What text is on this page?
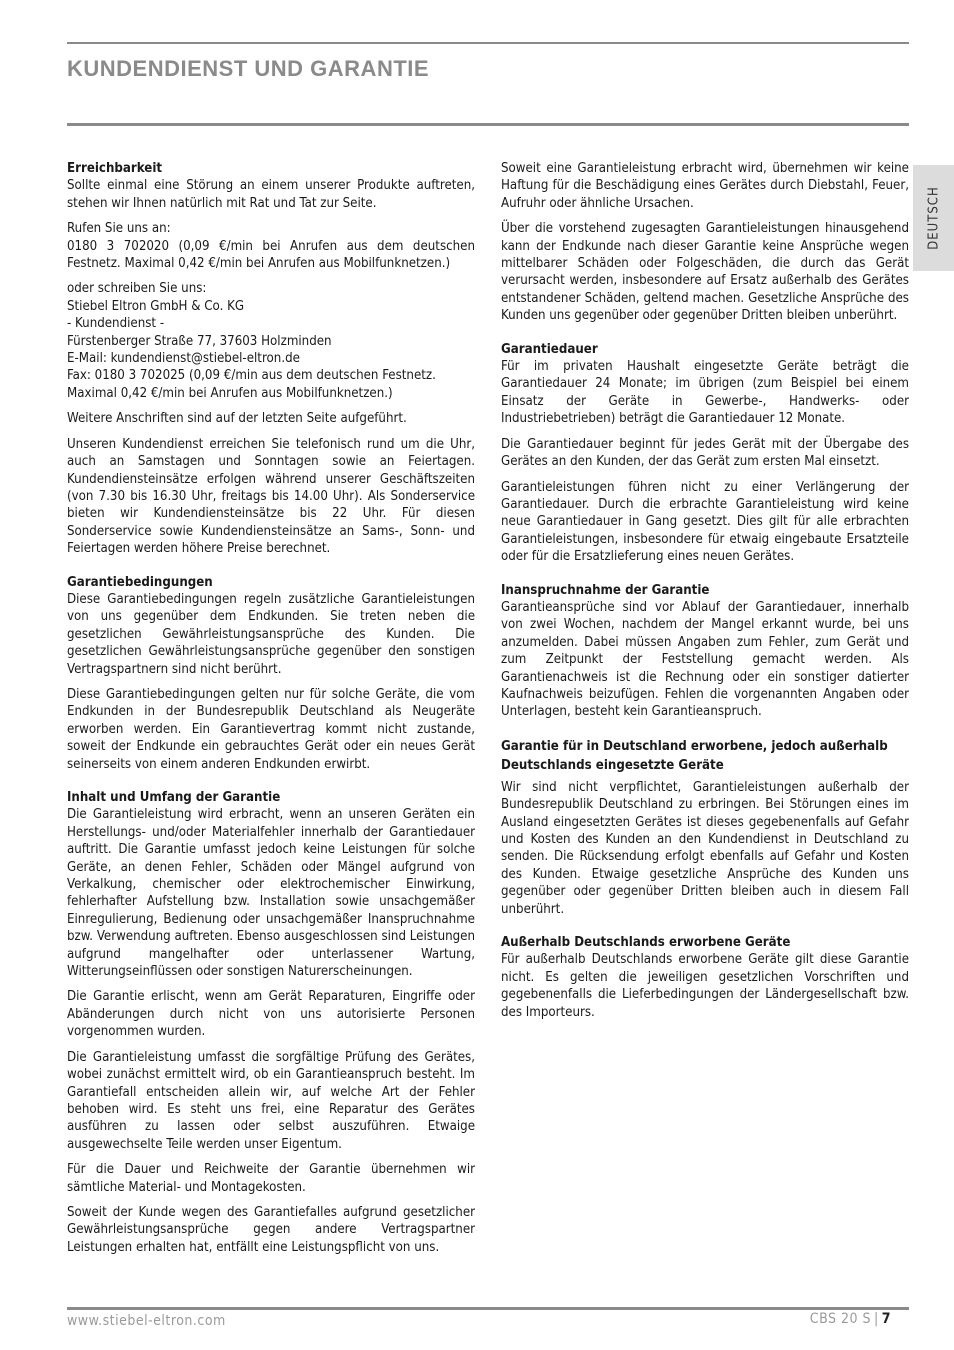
KUNDENDIENST UND GARANTIE
DEUTSCH
Erreichbarkeit

Sollte einmal eine Störung an einem unserer Produkte auftreten, stehen wir Ihnen natürlich mit Rat und Tat zur Seite.

Rufen Sie uns an:

0180 3 702020 (0,09 €/min bei Anrufen aus dem deutschen Festnetz. Maximal 0,42 €/min bei Anrufen aus Mobilfunknetzen.)

oder schreiben Sie uns:
Stiebel Eltron GmbH & Co. KG
- Kundendienst -
Fürstenberger Straße 77, 37603 Holzminden
E-Mail: kundendienst@stiebel-eltron.de
Fax: 0180 3 702025 (0,09 €/min aus dem deutschen Festnetz. Maximal 0,42 €/min bei Anrufen aus Mobilfunknetzen.)

Weitere Anschriften sind auf der letzten Seite aufgeführt.

Unseren Kundendienst erreichen Sie telefonisch rund um die Uhr, auch an Samstagen und Sonntagen sowie an Feiertagen. Kundendiensteinsätze erfolgen während unserer Geschäftszeiten (von 7.30 bis 16.30 Uhr, freitags bis 14.00 Uhr). Als Sonderservice bieten wir Kundendiensteinsätze bis 22 Uhr. Für diesen Sonderservice sowie Kundendiensteinsätze an Sams-, Sonn- und Feiertagen werden höhere Preise berechnet.

Garantiebedingungen

Diese Garantiebedingungen regeln zusätzliche Garantieleistungen von uns gegenüber dem Endkunden. Sie treten neben die gesetzlichen Gewährleistungsansprüche des Kunden. Die gesetzlichen Gewährleistungsansprüche gegenüber den sonstigen Vertragspartnern sind nicht berührt.

Diese Garantiebedingungen gelten nur für solche Geräte, die vom Endkunden in der Bundesrepublik Deutschland als Neugeräte erworben werden. Ein Garantievertrag kommt nicht zustande, soweit der Endkunde ein gebrauchtes Gerät oder ein neues Gerät seinerseits von einem anderen Endkunden erwirbt.

Inhalt und Umfang der Garantie

Die Garantieleistung wird erbracht, wenn an unseren Geräten ein Herstellungs- und/oder Materialfehler innerhalb der Garantiedauer auftritt. Die Garantie umfasst jedoch keine Leistungen für solche Geräte, an denen Fehler, Schäden oder Mängel aufgrund von Verkalkung, chemischer oder elektrochemischer Einwirkung, fehlerhafter Aufstellung bzw. Installation sowie unsachgemäßer Einregulierung, Bedienung oder unsachgemäßer Inanspruchnahme bzw. Verwendung auftreten. Ebenso ausgeschlossen sind Leistungen aufgrund mangelhafter oder unterlassener Wartung, Witterungseinflüssen oder sonstigen Naturerscheinungen.

Die Garantie erlischt, wenn am Gerät Reparaturen, Eingriffe oder Abänderungen durch nicht von uns autorisierte Personen vorgenommen wurden.

Die Garantieleistung umfasst die sorgfältige Prüfung des Gerätes, wobei zunächst ermittelt wird, ob ein Garantieanspruch besteht. Im Garantiefall entscheiden allein wir, auf welche Art der Fehler behoben wird. Es steht uns frei, eine Reparatur des Gerätes ausführen zu lassen oder selbst auszuführen. Etwaige ausgewechselte Teile werden unser Eigentum.

Für die Dauer und Reichweite der Garantie übernehmen wir sämtliche Material- und Montagekosten.

Soweit der Kunde wegen des Garantiefalles aufgrund gesetzlicher Gewährleistungsansprüche gegen andere Vertragspartner Leistungen erhalten hat, entfällt eine Leistungspflicht von uns.

Soweit eine Garantieleistung erbracht wird, übernehmen wir keine Haftung für die Beschädigung eines Gerätes durch Diebstahl, Feuer, Aufruhr oder ähnliche Ursachen.

Über die vorstehend zugesagten Garantieleistungen hinausgehend kann der Endkunde nach dieser Garantie keine Ansprüche wegen mittelbarer Schäden oder Folgeschäden, die durch das Gerät verursacht werden, insbesondere auf Ersatz außerhalb des Gerätes entstandener Schäden, geltend machen. Gesetzliche Ansprüche des Kunden uns gegenüber oder gegenüber Dritten bleiben unberührt.

Garantiedauer

Für im privaten Haushalt eingesetzte Geräte beträgt die Garantiedauer 24 Monate; im übrigen (zum Beispiel bei einem Einsatz der Geräte in Gewerbe-, Handwerks- oder Industriebetrieben) beträgt die Garantiedauer 12 Monate.

Die Garantiedauer beginnt für jedes Gerät mit der Übergabe des Gerätes an den Kunden, der das Gerät zum ersten Mal einsetzt.

Garantieleistungen führen nicht zu einer Verlängerung der Garantiedauer. Durch die erbrachte Garantieleistung wird keine neue Garantiedauer in Gang gesetzt. Dies gilt für alle erbrachten Garantieleistungen, insbesondere für etwaig eingebaute Ersatzteile oder für die Ersatzlieferung eines neuen Gerätes.

Inanspruchnahme der Garantie

Garantieansprüche sind vor Ablauf der Garantiedauer, innerhalb von zwei Wochen, nachdem der Mangel erkannt wurde, bei uns anzumelden. Dabei müssen Angaben zum Fehler, zum Gerät und zum Zeitpunkt der Feststellung gemacht werden. Als Garantienachweis ist die Rechnung oder ein sonstiger datierter Kaufnachweis beizufügen. Fehlen die vorgenannten Angaben oder Unterlagen, besteht kein Garantieanspruch.

Garantie für in Deutschland erworbene, jedoch außerhalb Deutschlands eingesetzte Geräte

Wir sind nicht verpflichtet, Garantieleistungen außerhalb der Bundesrepublik Deutschland zu erbringen. Bei Störungen eines im Ausland eingesetzten Gerätes ist dieses gegebenenfalls auf Gefahr und Kosten des Kunden an den Kundendienst in Deutschland zu senden. Die Rücksendung erfolgt ebenfalls auf Gefahr und Kosten des Kunden. Etwaige gesetzliche Ansprüche des Kunden uns gegenüber oder gegenüber Dritten bleiben auch in diesem Fall unberührt.

Außerhalb Deutschlands erworbene Geräte

Für außerhalb Deutschlands erworbene Geräte gilt diese Garantie nicht. Es gelten die jeweiligen gesetzlichen Vorschriften und gegebenenfalls die Lieferbedingungen der Ländergesellschaft bzw. des Importeurs.

www.stiebel-eltron.com	CBS 20 S | 7
